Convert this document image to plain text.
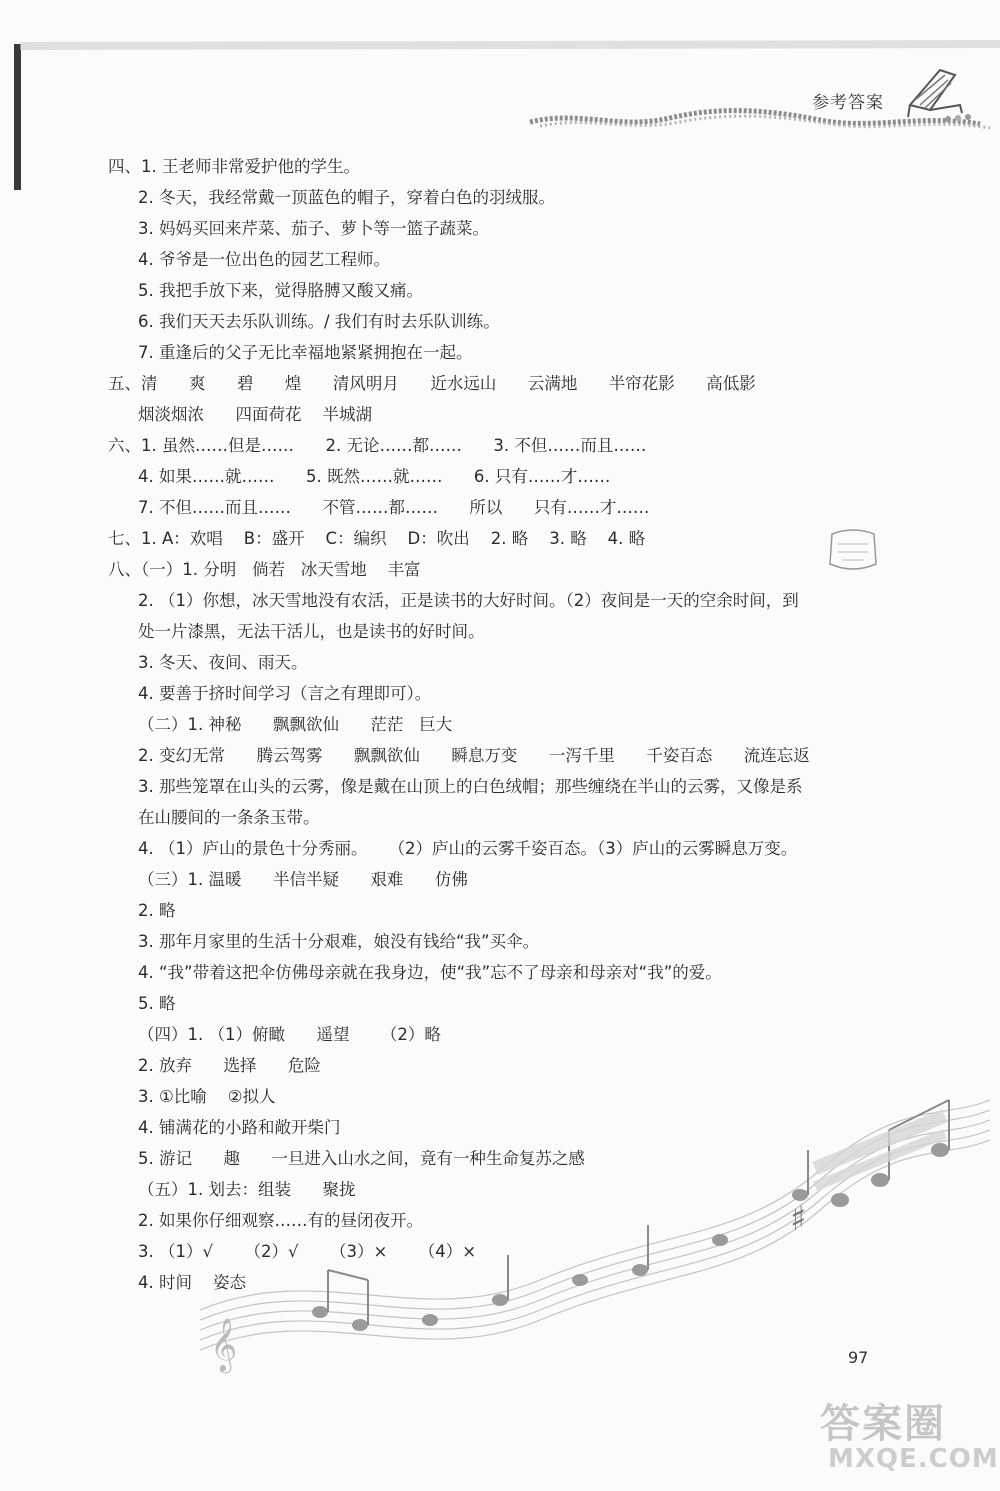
参考答案
四、1. 王老师非常爱护他的学生。
2. 冬天，我经常戴一顶蓝色的帽子，穿着白色的羽绒服。
3. 妈妈买回来芹菜、茄子、萝卜等一篮子蔬菜。
4. 爷爷是一位出色的园艺工程师。
5. 我把手放下来，觉得胳膊又酸又痛。
6. 我们天天去乐队训练。/ 我们有时去乐队训练。
7. 重逢后的父子无比幸福地紧紧拥抱在一起。
五、清      爽      碧      煌      清风明月      近水远山      云满地      半帘花影      高低影
烟淡烟浓      四面荷花    半城湖
六、1. 虽然……但是……      2. 无论……都……      3. 不但……而且……
4. 如果……就……      5. 既然……就……      6. 只有……才……
7. 不但……而且……      不管……都……      所以      只有……才……
七、1. A：欢唱    B：盛开    C：编织    D：吹出    2. 略    3. 略    4. 略
八、（一）1. 分明   倘若   冰天雪地    丰富
2. （1）你想，冰天雪地没有农活，正是读书的大好时间。（2）夜间是一天的空余时间，到
处一片漆黑，无法干活儿，也是读书的好时间。
3. 冬天、夜间、雨天。
4. 要善于挤时间学习（言之有理即可）。
（二）1. 神秘      飘飘欲仙      茫茫   巨大
2. 变幻无常      腾云驾雾      飘飘欲仙      瞬息万变      一泻千里      千姿百态      流连忘返
3. 那些笼罩在山头的云雾，像是戴在山顶上的白色绒帽；那些缠绕在半山的云雾，又像是系
在山腰间的一条条玉带。
4. （1）庐山的景色十分秀丽。    （2）庐山的云雾千姿百态。（3）庐山的云雾瞬息万变。
（三）1. 温暖      半信半疑      艰难      仿佛
2. 略
3. 那年月家里的生活十分艰难，娘没有钱给“我”买伞。
4. “我”带着这把伞仿佛母亲就在我身边，使“我”忘不了母亲和母亲对“我”的爱。
5. 略
（四）1. （1）俯瞰      遥望      （2）略
2. 放弃      选择      危险
3. ①比喻    ②拟人
4. 铺满花的小路和敞开柴门
5. 游记      趣      一旦进入山水之间，竟有一种生命复苏之感
（五）1. 划去：组装      聚拢
2. 如果你仔细观察……有的昼闭夜开。
3. （1）√      （2）√      （3）×      （4）×
4. 时间    姿态
♯
𝄞	97
答案圈
MXQE.COM
